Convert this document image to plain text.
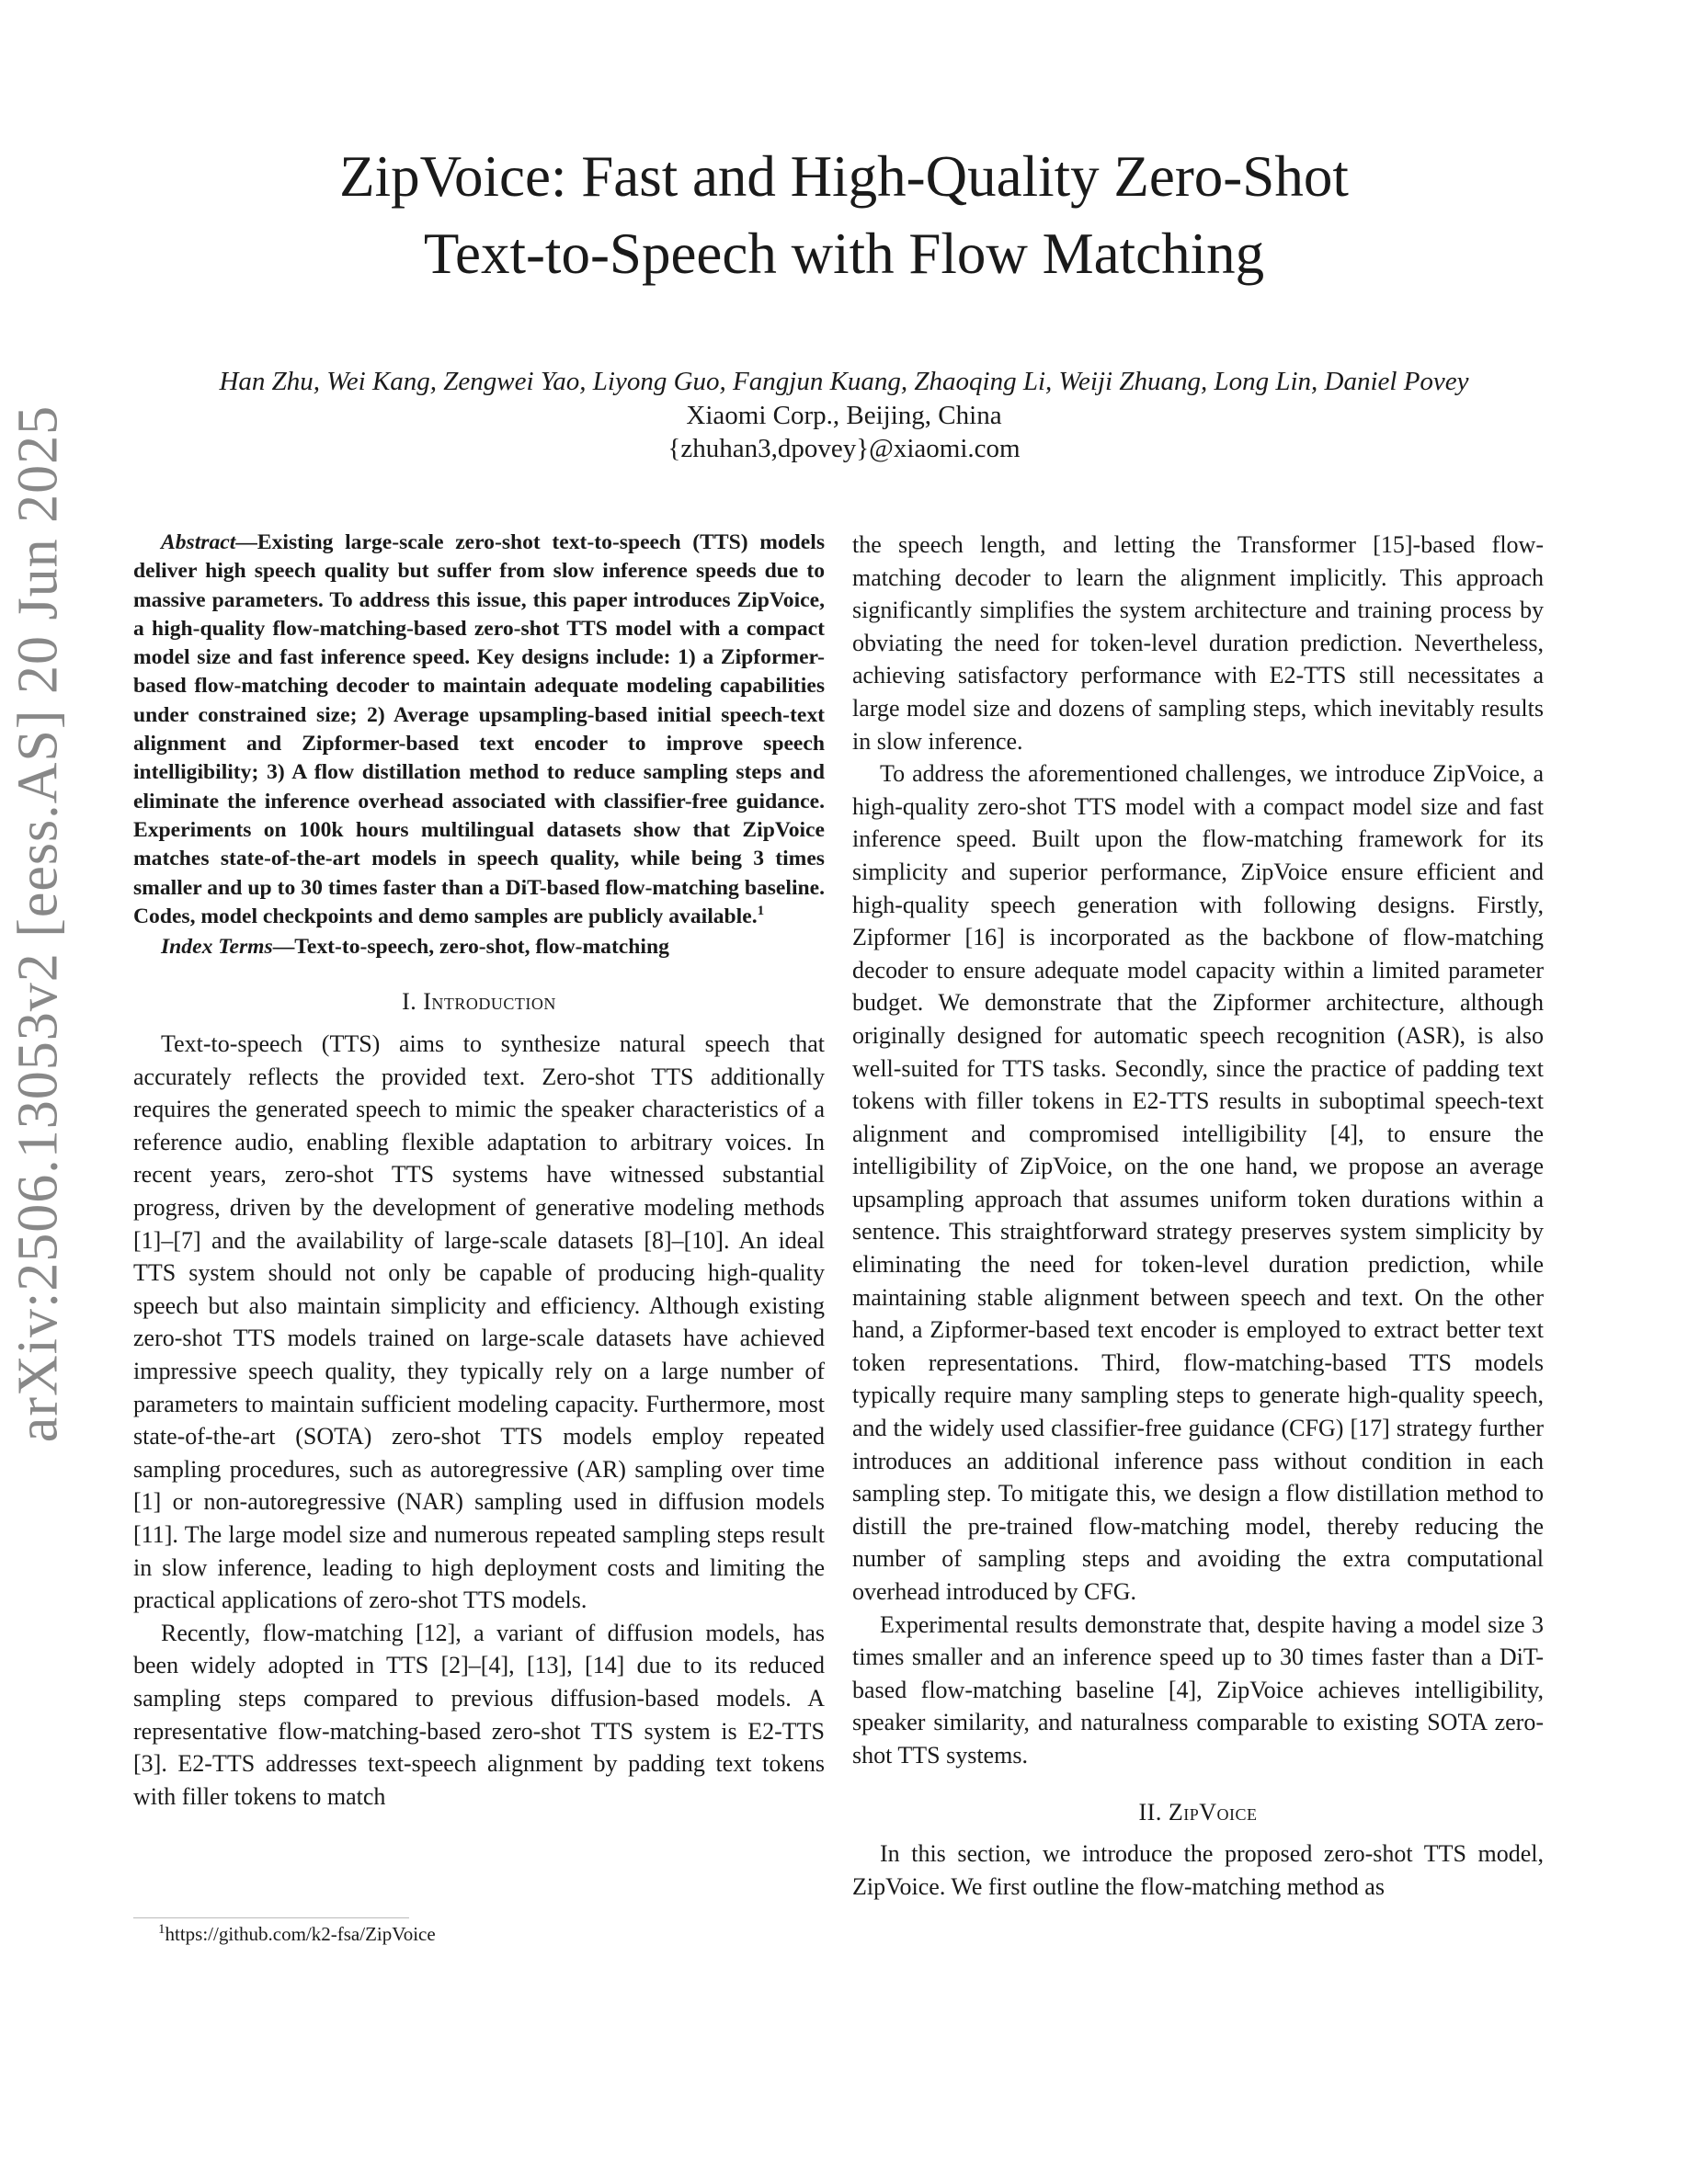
arXiv:2506.13053v2 [eess.AS] 20 Jun 2025
ZipVoice: Fast and High-Quality Zero-Shot
Text-to-Speech with Flow Matching
Han Zhu, Wei Kang, Zengwei Yao, Liyong Guo, Fangjun Kuang, Zhaoqing Li, Weiji Zhuang, Long Lin, Daniel Povey
Xiaomi Corp., Beijing, China
{zhuhan3,dpovey}@xiaomi.com

Abstract—Existing large-scale zero-shot text-to-speech (TTS) models deliver high speech quality but suffer from slow inference speeds due to massive parameters. To address this issue, this paper introduces ZipVoice, a high-quality flow-matching-based zero-shot TTS model with a compact model size and fast inference speed. Key designs include: 1) a Zipformer-based flow-matching decoder to maintain adequate modeling capabilities under constrained size; 2) Average upsampling-based initial speech-text alignment and Zipformer-based text encoder to improve speech intelligibility; 3) A flow distillation method to reduce sampling steps and eliminate the inference overhead associated with classifier-free guidance. Experiments on 100k hours multilingual datasets show that ZipVoice matches state-of-the-art models in speech quality, while being 3 times smaller and up to 30 times faster than a DiT-based flow-matching baseline. Codes, model checkpoints and demo samples are publicly available.$^1$

Index Terms—Text-to-speech, zero-shot, flow-matching

I. Introduction

Text-to-speech (TTS) aims to synthesize natural speech that accurately reflects the provided text. Zero-shot TTS additionally requires the generated speech to mimic the speaker characteristics of a reference audio, enabling flexible adaptation to arbitrary voices. In recent years, zero-shot TTS systems have witnessed substantial progress, driven by the development of generative modeling methods [1]–[7] and the availability of large-scale datasets [8]–[10]. An ideal TTS system should not only be capable of producing high-quality speech but also maintain simplicity and efficiency. Although existing zero-shot TTS models trained on large-scale datasets have achieved impressive speech quality, they typically rely on a large number of parameters to maintain sufficient modeling capacity. Furthermore, most state-of-the-art (SOTA) zero-shot TTS models employ repeated sampling procedures, such as autoregressive (AR) sampling over time [1] or non-autoregressive (NAR) sampling used in diffusion models [11]. The large model size and numerous repeated sampling steps result in slow inference, leading to high deployment costs and limiting the practical applications of zero-shot TTS models.

Recently, flow-matching [12], a variant of diffusion models, has been widely adopted in TTS [2]–[4], [13], [14] due to its reduced sampling steps compared to previous diffusion-based models. A representative flow-matching-based zero-shot TTS system is E2-TTS [3]. E2-TTS addresses text-speech alignment by padding text tokens with filler tokens to match

the speech length, and letting the Transformer [15]-based flow-matching decoder to learn the alignment implicitly. This approach significantly simplifies the system architecture and training process by obviating the need for token-level duration prediction. Nevertheless, achieving satisfactory performance with E2-TTS still necessitates a large model size and dozens of sampling steps, which inevitably results in slow inference.

To address the aforementioned challenges, we introduce ZipVoice, a high-quality zero-shot TTS model with a compact model size and fast inference speed. Built upon the flow-matching framework for its simplicity and superior performance, ZipVoice ensure efficient and high-quality speech generation with following designs. Firstly, Zipformer [16] is incorporated as the backbone of flow-matching decoder to ensure adequate model capacity within a limited parameter budget. We demonstrate that the Zipformer architecture, although originally designed for automatic speech recognition (ASR), is also well-suited for TTS tasks. Secondly, since the practice of padding text tokens with filler tokens in E2-TTS results in suboptimal speech-text alignment and compromised intelligibility [4], to ensure the intelligibility of ZipVoice, on the one hand, we propose an average upsampling approach that assumes uniform token durations within a sentence. This straightforward strategy preserves system simplicity by eliminating the need for token-level duration prediction, while maintaining stable alignment between speech and text. On the other hand, a Zipformer-based text encoder is employed to extract better text token representations. Third, flow-matching-based TTS models typically require many sampling steps to generate high-quality speech, and the widely used classifier-free guidance (CFG) [17] strategy further introduces an additional inference pass without condition in each sampling step. To mitigate this, we design a flow distillation method to distill the pre-trained flow-matching model, thereby reducing the number of sampling steps and avoiding the extra computational overhead introduced by CFG.

Experimental results demonstrate that, despite having a model size 3 times smaller and an inference speed up to 30 times faster than a DiT-based flow-matching baseline [4], ZipVoice achieves intelligibility, speaker similarity, and naturalness comparable to existing SOTA zero-shot TTS systems.

II. ZipVoice

In this section, we introduce the proposed zero-shot TTS model, ZipVoice. We first outline the flow-matching method as

$^1$https://github.com/k2-fsa/ZipVoice
